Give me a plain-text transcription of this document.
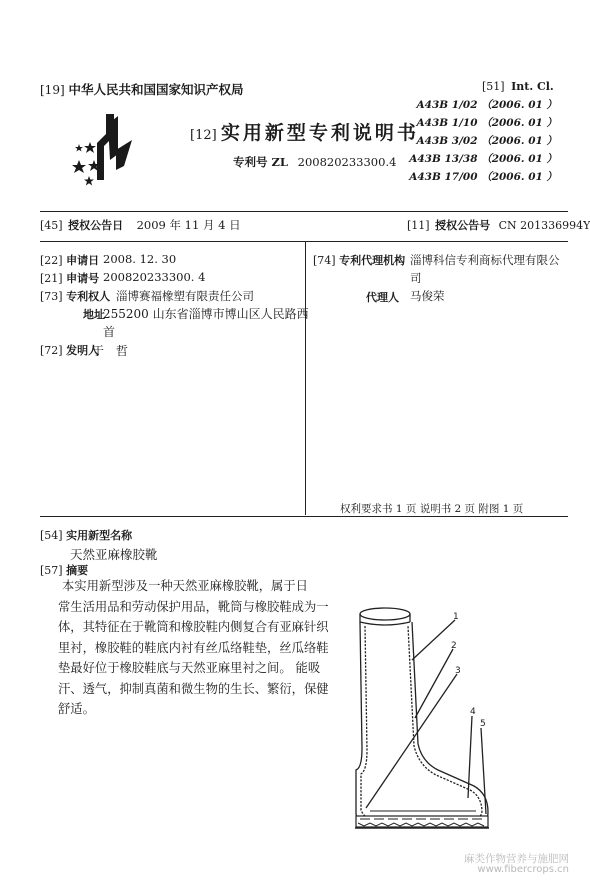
[19] 中华人民共和国国家知识产权局
[12] 实用新型专利说明书
专利号 ZL 200820233300.4
[51] Int. Cl.
A43B 1/02 （2006. 01 ）
A43B 1/10 （2006. 01 ）
A43B 3/02 （2006. 01 ）
A43B 13/38 （2006. 01 ）
A43B 17/00 （2006. 01 ）
[45] 授权公告日 2009 年 11 月 4 日	[11] 授权公告号 CN 201336994Y
[22] 申请日 2008. 12. 30
[21] 申请号 200820233300. 4
[73] 专利权人 淄博赛福橡塑有限责任公司
地址
255200 山东省淄博市博山区人民路西
首
[72] 发明人
于　哲
[74] 专利代理机构 淄博科信专利商标代理有限公
司
代理人 马俊荣
权利要求书 1 页 说明书 2 页 附图 1 页
[54] 实用新型名称
天然亚麻橡胶靴
[57] 摘要
本实用新型涉及一种天然亚麻橡胶靴，属于日
常生活用品和劳动保护用品，靴筒与橡胶鞋成为一
体，其特征在于靴筒和橡胶鞋内侧复合有亚麻针织
里衬，橡胶鞋的鞋底内衬有丝瓜络鞋垫，丝瓜络鞋
垫最好位于橡胶鞋底与天然亚麻里衬之间。 能吸
汗、透气，抑制真菌和微生物的生长、繁衍，保健
舒适。
1
2
3
4
5
麻类作物营养与施肥网
www.fibercrops.cn
